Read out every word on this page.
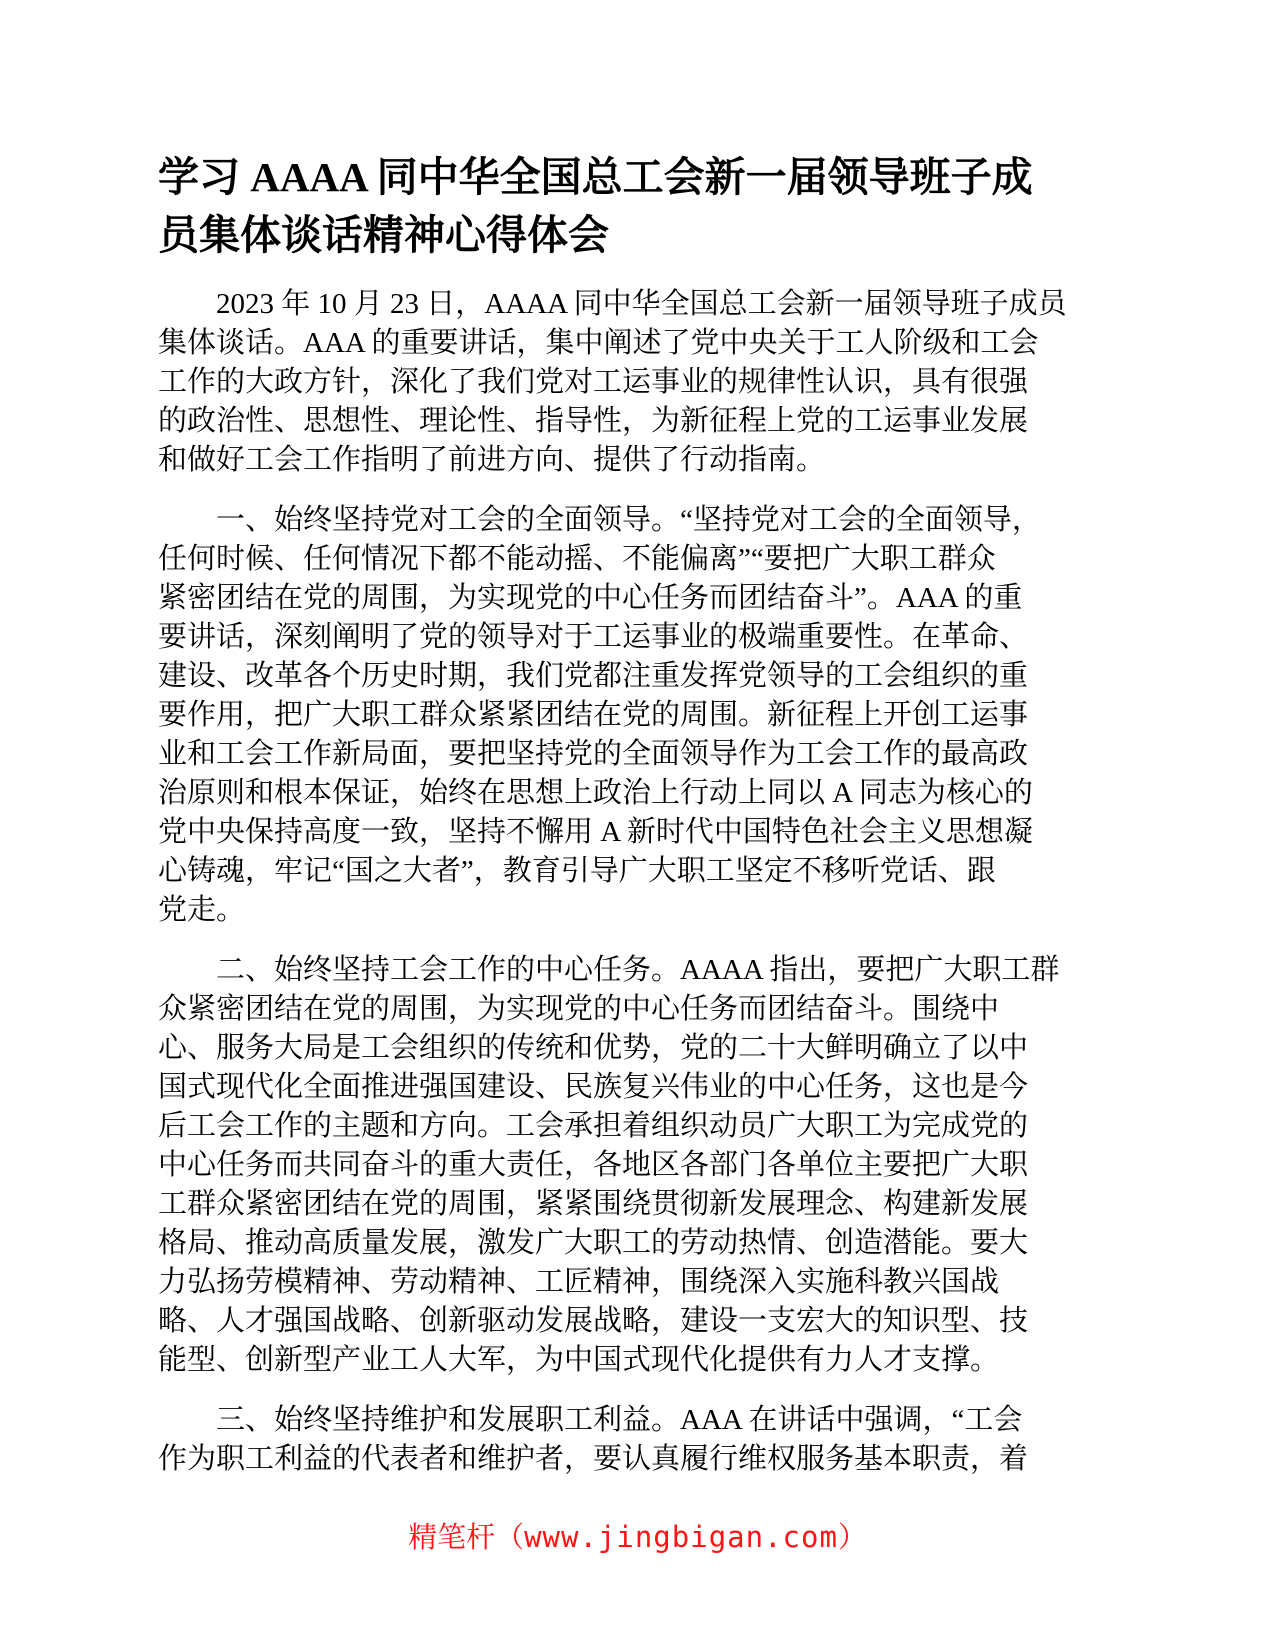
学习 AAAA 同中华全国总工会新一届领导班子成
员集体谈话精神心得体会
2023 年 10 月 23 日，AAAA 同中华全国总工会新一届领导班子成员
集体谈话。AAA 的重要讲话，集中阐述了党中央关于工人阶级和工会
工作的大政方针，深化了我们党对工运事业的规律性认识，具有很强
的政治性、思想性、理论性、指导性，为新征程上党的工运事业发展
和做好工会工作指明了前进方向、提供了行动指南。
一、始终坚持党对工会的全面领导。“坚持党对工会的全面领导，
任何时候、任何情况下都不能动摇、不能偏离”“要把广大职工群众
紧密团结在党的周围，为实现党的中心任务而团结奋斗”。AAA 的重
要讲话，深刻阐明了党的领导对于工运事业的极端重要性。在革命、
建设、改革各个历史时期，我们党都注重发挥党领导的工会组织的重
要作用，把广大职工群众紧紧团结在党的周围。新征程上开创工运事
业和工会工作新局面，要把坚持党的全面领导作为工会工作的最高政
治原则和根本保证，始终在思想上政治上行动上同以 A 同志为核心的
党中央保持高度一致，坚持不懈用 A 新时代中国特色社会主义思想凝
心铸魂，牢记“国之大者”，教育引导广大职工坚定不移听党话、跟
党走。
二、始终坚持工会工作的中心任务。AAAA 指出，要把广大职工群
众紧密团结在党的周围，为实现党的中心任务而团结奋斗。围绕中
心、服务大局是工会组织的传统和优势，党的二十大鲜明确立了以中
国式现代化全面推进强国建设、民族复兴伟业的中心任务，这也是今
后工会工作的主题和方向。工会承担着组织动员广大职工为完成党的
中心任务而共同奋斗的重大责任，各地区各部门各单位主要把广大职
工群众紧密团结在党的周围，紧紧围绕贯彻新发展理念、构建新发展
格局、推动高质量发展，激发广大职工的劳动热情、创造潜能。要大
力弘扬劳模精神、劳动精神、工匠精神，围绕深入实施科教兴国战
略、人才强国战略、创新驱动发展战略，建设一支宏大的知识型、技
能型、创新型产业工人大军，为中国式现代化提供有力人才支撑。
三、始终坚持维护和发展职工利益。AAA 在讲话中强调，“工会
作为职工利益的代表者和维护者，要认真履行维权服务基本职责，着
精笔杆（www.jingbigan.com）
